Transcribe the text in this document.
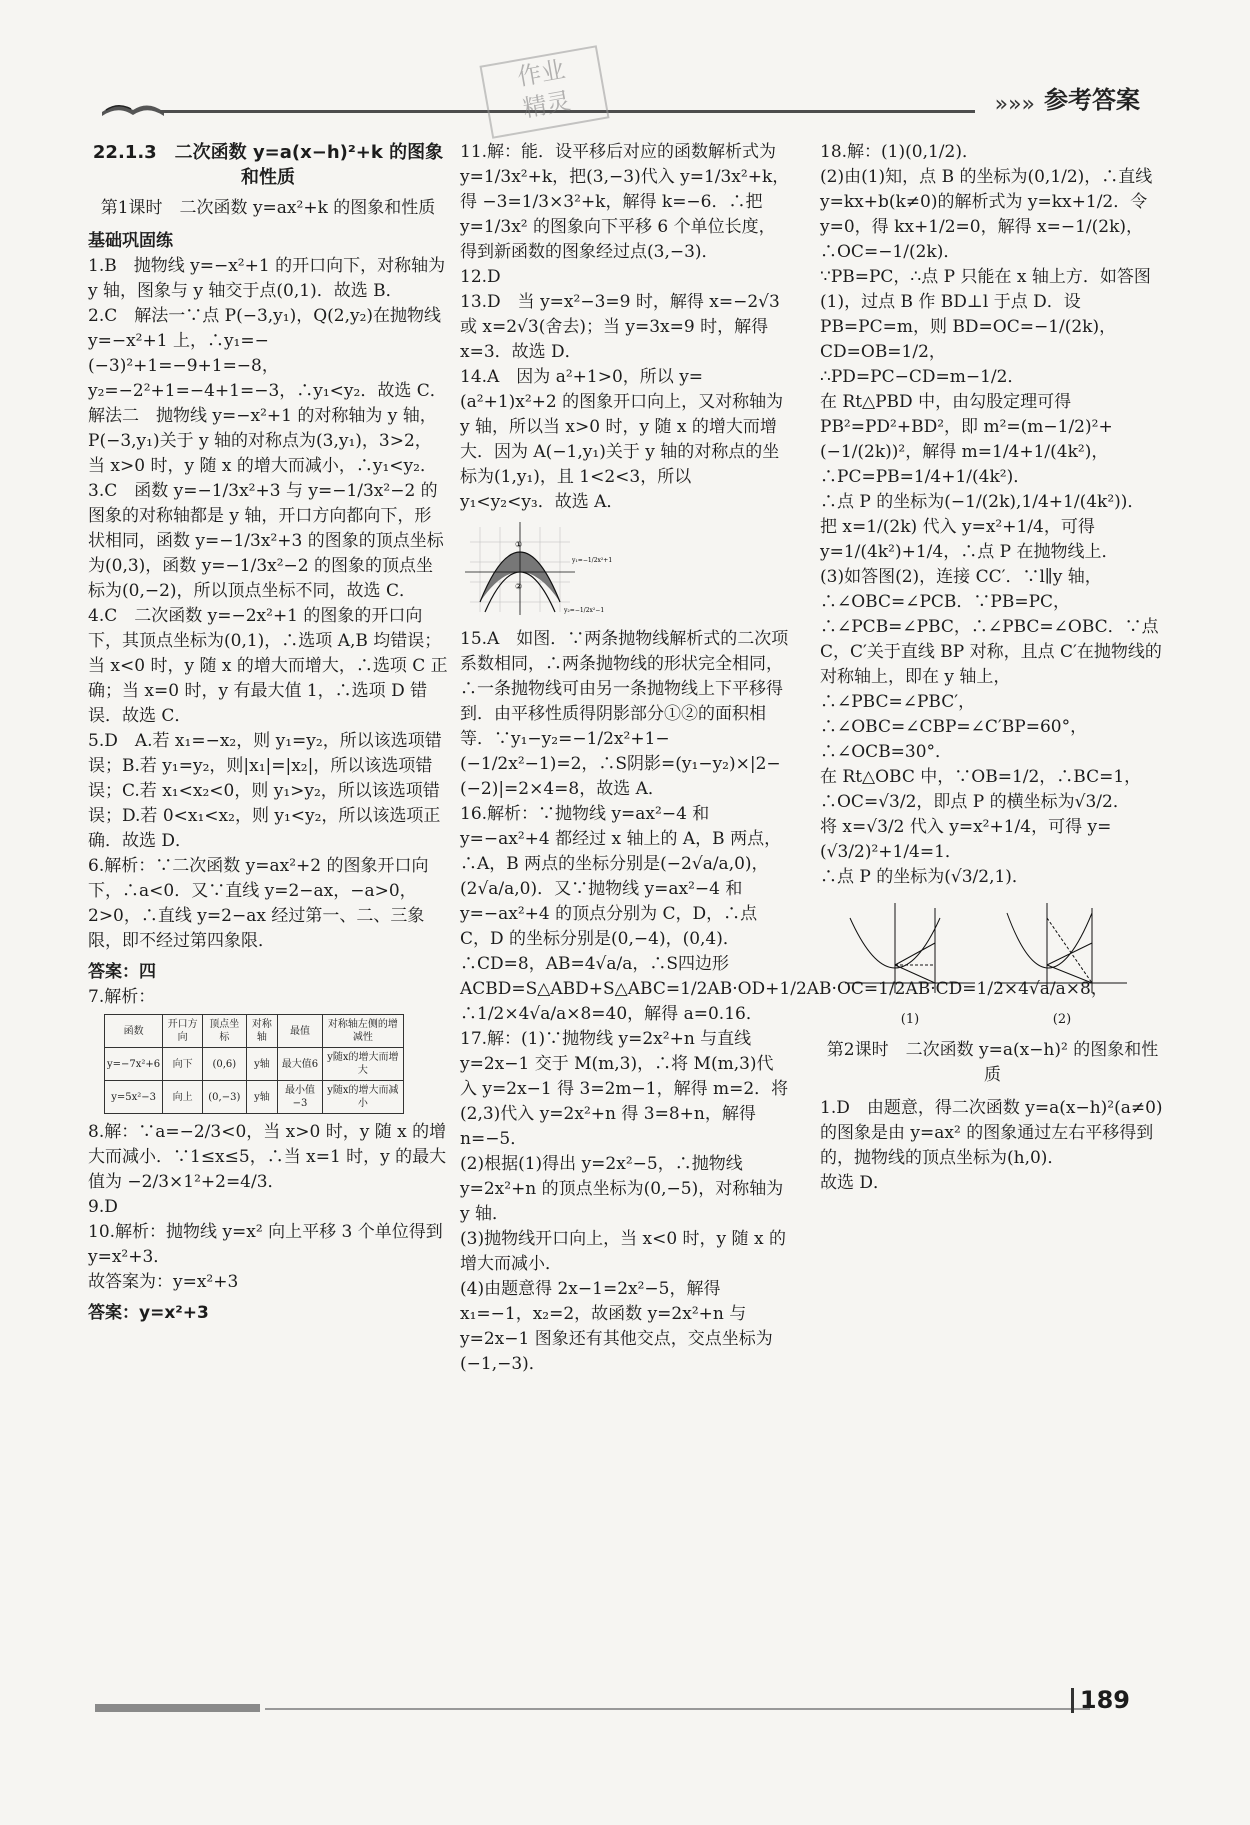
»»» 参考答案
作业
精灵

22.1.3　二次函数 y=a(x−h)²+k 的图象和性质

第1课时　二次函数 y=ax²+k 的图象和性质

基础巩固练

1.B　抛物线 y=−x²+1 的开口向下，对称轴为 y 轴，图象与 y 轴交于点(0,1)．故选 B．

2.C　解法一∵点 P(−3,y₁)，Q(2,y₂)在抛物线 y=−x²+1 上，∴y₁=−(−3)²+1=−9+1=−8，y₂=−2²+1=−4+1=−3，∴y₁<y₂．故选 C．

解法二　抛物线 y=−x²+1 的对称轴为 y 轴，P(−3,y₁)关于 y 轴的对称点为(3,y₁)，3>2，当 x>0 时，y 随 x 的增大而减小，∴y₁<y₂．

3.C　函数 y=−1/3x²+3 与 y=−1/3x²−2 的图象的对称轴都是 y 轴，开口方向都向下，形状相同，函数 y=−1/3x²+3 的图象的顶点坐标为(0,3)，函数 y=−1/3x²−2 的图象的顶点坐标为(0,−2)，所以顶点坐标不同，故选 C．

4.C　二次函数 y=−2x²+1 的图象的开口向下，其顶点坐标为(0,1)，∴选项 A,B 均错误；当 x<0 时，y 随 x 的增大而增大，∴选项 C 正确；当 x=0 时，y 有最大值 1，∴选项 D 错误．故选 C．

5.D　A.若 x₁=−x₂，则 y₁=y₂，所以该选项错误；B.若 y₁=y₂，则|x₁|=|x₂|，所以该选项错误；C.若 x₁<x₂<0，则 y₁>y₂，所以该选项错误；D.若 0<x₁<x₂，则 y₁<y₂，所以该选项正确．故选 D．

6.解析：∵二次函数 y=ax²+2 的图象开口向下，∴a<0．又∵直线 y=2−ax，−a>0，2>0，∴直线 y=2−ax 经过第一、二、三象限，即不经过第四象限．

答案：四

7.解析：

函数	开口方向	顶点坐标	对称轴	最值	对称轴左侧的增减性
y=−7x²+6	向下	(0,6)	y轴	最大值6	y随x的增大而增大
y=5x²−3	向上	(0,−3)	y轴	最小值−3	y随x的增大而减小

8.解：∵a=−2/3<0，当 x>0 时，y 随 x 的增大而减小．∵1≤x≤5，∴当 x=1 时，y 的最大值为 −2/3×1²+2=4/3．

9.D

10.解析：抛物线 y=x² 向上平移 3 个单位得到 y=x²+3．

故答案为：y=x²+3

答案：y=x²+3

11.解：能．设平移后对应的函数解析式为 y=1/3x²+k，把(3,−3)代入 y=1/3x²+k，得 −3=1/3×3²+k，解得 k=−6．∴把 y=1/3x² 的图象向下平移 6 个单位长度，得到新函数的图象经过点(3,−3)．

12.D

13.D　当 y=x²−3=9 时，解得 x=−2√3 或 x=2√3(舍去)；当 y=3x=9 时，解得 x=3．故选 D．

14.A　因为 a²+1>0，所以 y=(a²+1)x²+2 的图象开口向上，又对称轴为 y 轴，所以当 x>0 时，y 随 x 的增大而增大．因为 A(−1,y₁)关于 y 轴的对称点的坐标为(1,y₁)，且 1<2<3，所以 y₁<y₂<y₃．故选 A．

①
②
y₁=−1/2x²+1
y₂=−1/2x²−1

15.A　如图．∵两条抛物线解析式的二次项系数相同，∴两条抛物线的形状完全相同，∴一条抛物线可由另一条抛物线上下平移得到．由平移性质得阴影部分①②的面积相等．∵y₁−y₂=−1/2x²+1−(−1/2x²−1)=2，∴S阴影=(y₁−y₂)×|2−(−2)|=2×4=8，故选 A．

16.解析：∵抛物线 y=ax²−4 和 y=−ax²+4 都经过 x 轴上的 A，B 两点，∴A，B 两点的坐标分别是(−2√a/a,0)，(2√a/a,0)．又∵抛物线 y=ax²−4 和 y=−ax²+4 的顶点分别为 C，D，∴点 C，D 的坐标分别是(0,−4)，(0,4)．∴CD=8，AB=4√a/a，∴S四边形ACBD=S△ABD+S△ABC=1/2AB·OD+1/2AB·OC=1/2AB·CD=1/2×4√a/a×8，∴1/2×4√a/a×8=40，解得 a=0.16．

17.解：(1)∵抛物线 y=2x²+n 与直线 y=2x−1 交于 M(m,3)，∴将 M(m,3)代入 y=2x−1 得 3=2m−1，解得 m=2．将(2,3)代入 y=2x²+n 得 3=8+n，解得 n=−5．

(2)根据(1)得出 y=2x²−5，∴抛物线 y=2x²+n 的顶点坐标为(0,−5)，对称轴为 y 轴．

(3)抛物线开口向上，当 x<0 时，y 随 x 的增大而减小．

(4)由题意得 2x−1=2x²−5，解得 x₁=−1，x₂=2，故函数 y=2x²+n 与 y=2x−1 图象还有其他交点，交点坐标为(−1,−3)．

18.解：(1)(0,1/2)．

(2)由(1)知，点 B 的坐标为(0,1/2)，∴直线 y=kx+b(k≠0)的解析式为 y=kx+1/2．令 y=0，得 kx+1/2=0，解得 x=−1/(2k)，∴OC=−1/(2k)．

∵PB=PC，∴点 P 只能在 x 轴上方．如答图(1)，过点 B 作 BD⊥l 于点 D．设 PB=PC=m，则 BD=OC=−1/(2k)，CD=OB=1/2，

∴PD=PC−CD=m−1/2．

在 Rt△PBD 中，由勾股定理可得 PB²=PD²+BD²，即 m²=(m−1/2)²+(−1/(2k))²，解得 m=1/4+1/(4k²)，∴PC=PB=1/4+1/(4k²)．

∴点 P 的坐标为(−1/(2k),1/4+1/(4k²))．

把 x=1/(2k) 代入 y=x²+1/4，可得 y=1/(4k²)+1/4，∴点 P 在抛物线上．

(3)如答图(2)，连接 CC′．∵l∥y 轴，∴∠OBC=∠PCB．∵PB=PC，∴∠PCB=∠PBC，∴∠PBC=∠OBC．∵点 C，C′关于直线 BP 对称，且点 C′在抛物线的对称轴上，即在 y 轴上，∴∠PBC=∠PBC′，∴∠OBC=∠CBP=∠C′BP=60°，∴∠OCB=30°．

在 Rt△OBC 中，∵OB=1/2，∴BC=1，∴OC=√3/2，即点 P 的横坐标为√3/2．

将 x=√3/2 代入 y=x²+1/4，可得 y=(√3/2)²+1/4=1．

∴点 P 的坐标为(√3/2,1)．

(1)	(2)

第2课时　二次函数 y=a(x−h)² 的图象和性质

1.D　由题意，得二次函数 y=a(x−h)²(a≠0)的图象是由 y=ax² 的图象通过左右平移得到的，抛物线的顶点坐标为(h,0)．

故选 D．

189
